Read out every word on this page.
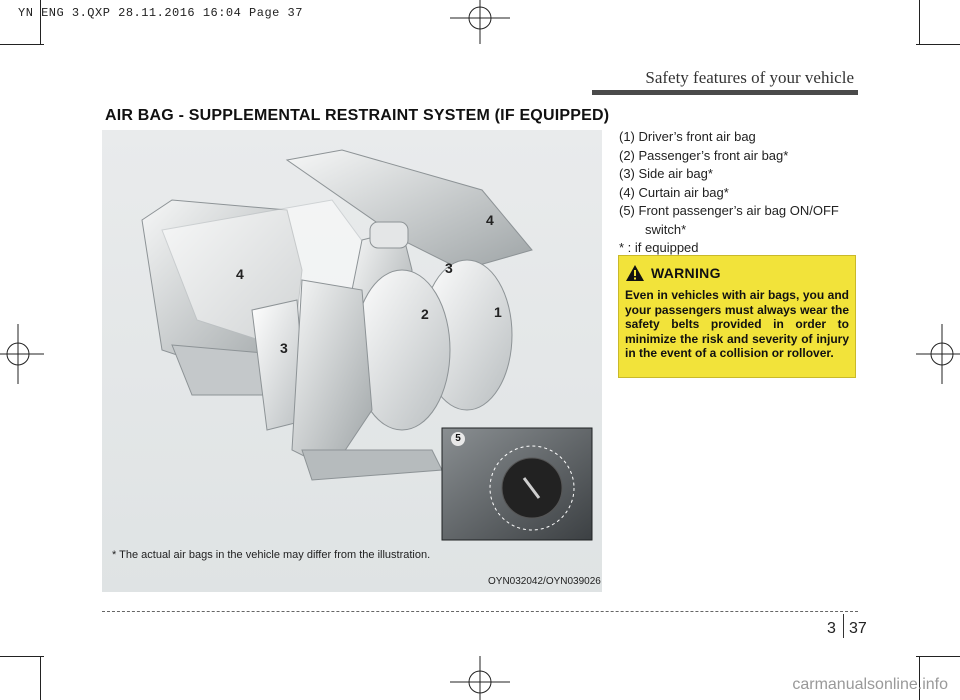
YN ENG 3.QXP 28.11.2016 16:04 Page 37
Safety features of your vehicle
AIR BAG - SUPPLEMENTAL RESTRAINT SYSTEM (IF EQUIPPED)
4
4	3
3
2	1
5
* The actual air bags in the vehicle may differ from the illustration.
OYN032042/OYN039026
(1) Driver’s front air bag
(2) Passenger’s front air bag*
(3) Side air bag*
(4) Curtain air bag*
(5) Front passenger’s air bag ON/OFF
switch*
* : if equipped
WARNING
Even in vehicles with air bags, you and your passengers must always wear the safety belts provided in order to minimize the risk and severity of injury in the event of a collision or rollover.
3 37
carmanualsonline.info
